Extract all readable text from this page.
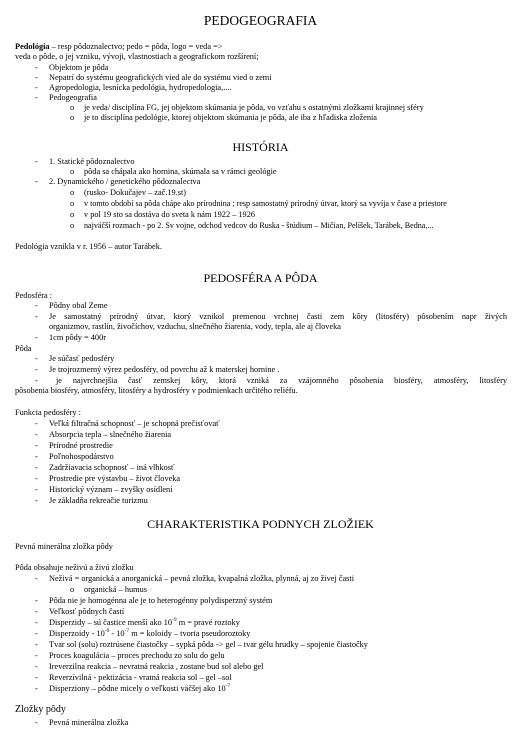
PEDOGEOGRAFIA
Pedológia – resp pôdoznalectvo; pedo = pôda, logo = veda =>
veda o pôde, o jej vzniku, vývoji, vlastnostiach a geografickom rozšírení;
- Objektom je pôda
- Nepatrí do systému geografických vied ale do systému vied o zemi
- Agropedologia, lesnícka pedológia, hydropedologia,....
- Pedogeografia
o je veda/ disciplína FG, jej objektom skúmania je pôda, vo vzťahu s ostatnými zložkami krajinnej sféry
o je to disciplína pedológie, ktorej objektom skúmania je pôda, ale iba z hľadiska zloženia
HISTÓRIA
- 1. Statické pôdoznalectvo
o pôda sa chápala ako hornina, skúmala sa v rámci geológie
- 2. Dynamického / genetického pôdoznalectva
o (rusko- Dokučajev – zač.19.st)
o v tomto období sa pôda chápe ako prírodnina ; resp samostatný prírodný útvar, ktorý sa vyvíja v čase a priestore
o v pol 19 sto sa dostáva do sveta k nám 1922 – 1926
o najväčší rozmach - po 2. Sv vojne, odchod vedcov do Ruska - štúdium – Mičian, Pelíšek, Tarábek, Bedna,...
Pedológia vznikla v r. 1956 – autor Tarábek.
PEDOSFÉRA A PÔDA
Pedosféra :
- Pôdny obal Zeme
- Je samostatný prírodný útvar, ktorý vznikol premenou vrchnej časti zem kôry (litosféry) pôsobením napr živých
organizmov, rastlín, živočíchov, vzduchu, slnečného žiarenia, vody, tepla, ale aj človeka
- 1cm pôdy = 400r
Pôda
- Je súčasť pedosféry
- Je trojrozmerný výrez pedosféry, od povrchu až k materskej hornine .
- je najvrchnejšia časť zemskej kôry, ktorá vzniká za vzájomného pôsobenia biosféry, atmosféry, litosféry
pôsobenia biosféry, atmosféry, litosféry a hydrosféry v podmienkach určitého reliéfu.
Funkcia pedosféry :
- Veľká filtračná schopnosť – je schopná prečisťovať
- Absorpcia tepla – slnečného žiarenia
- Prírodné prostredie
- Poľnohospodárstvo
- Zadržiavacia schopnosť – iná vlhkosť
- Prostredie pre výstavbu – život človeka
- Historický význam – zvyšky osídlení
- Je základňa rekreačie turizmu
CHARAKTERISTIKA PODNYCH ZLOŽIEK
Pevná minerálna zložka pôdy
Pôda obsahuje neživú a živú zložku
- Neživá = organická a anorganická – pevná zložka, kvapalná zložka, plynná, aj zo živej časti
o organická – humus
- Pôda nie je homogénna ale je to heterogénny polydisperzný systém
- Veľkosť pôdnych častí
- Disperzidy – sú častice menší ako $10^{-9}$ m = pravé roztoky
- Disperzoidy - $10^{-9} - 10^{-7}$ m = koloidy – tvoria pseudoroztoky
- Tvar sol (solu) roztrúsene čiastočky – sypká pôda -> gel – tvar gélu hrudky – spojenie čiastočky
- Proces koagulácia – proces prechodu zo solu do gelu
- Ireverzilna reakcia – nevratná reakcia , zostane bud sol alebo gel
- Reverzívilná - pektizácia - vratná reakcia sol – gel –sol
- Disperziony – pôdne micely o veľkosti väčšej ako $10^{-7}$
Zložky pôdy
- Pevná minerálna zložka
